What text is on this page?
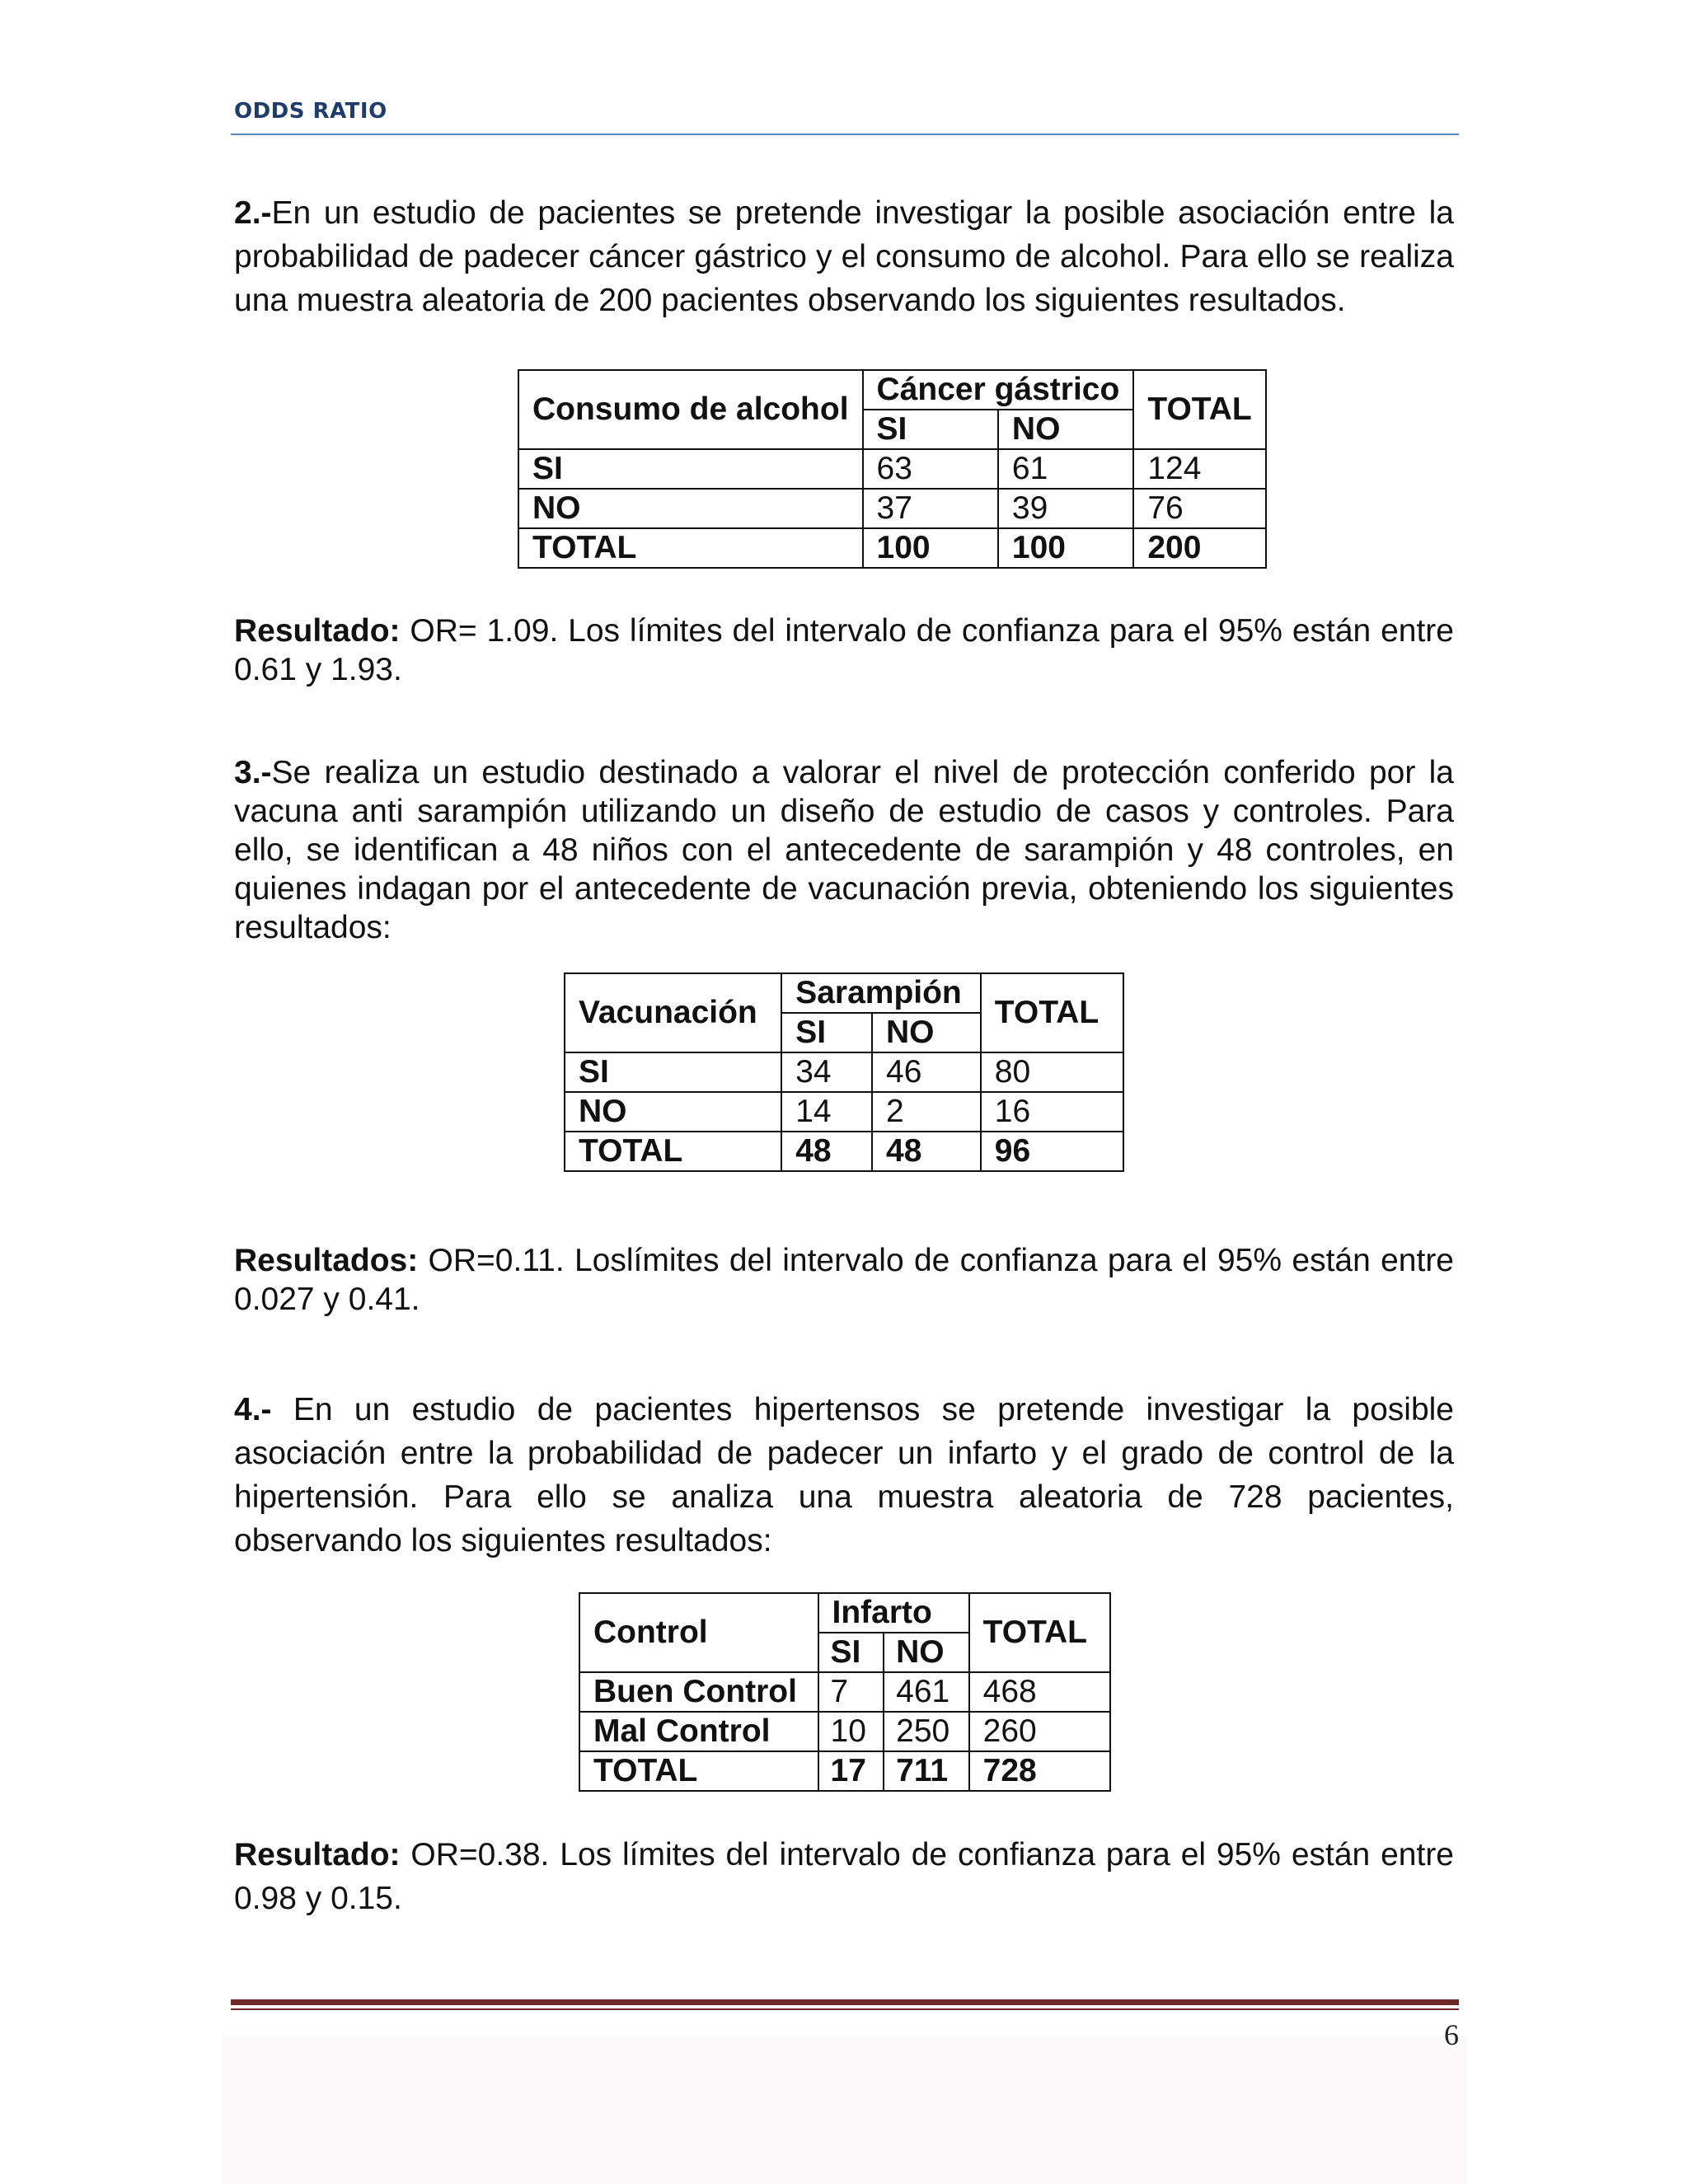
ODDS RATIO

2.-En un estudio de pacientes se pretende investigar la posible asociación entre la probabilidad de padecer cáncer gástrico y el consumo de alcohol. Para ello se realiza una muestra aleatoria de 200 pacientes observando los siguientes resultados.

Consumo de alcohol	Cáncer gástrico		TOTAL
	SI	NO	
SI	63	61	124
NO	37	39	76
TOTAL	100	100	200

Resultado: OR= 1.09. Los límites del intervalo de confianza para el 95% están entre 0.61 y 1.93.

3.-Se realiza un estudio destinado a valorar el nivel de protección conferido por la vacuna anti sarampión utilizando un diseño de estudio de casos y controles. Para ello, se identifican a 48 niños con el antecedente de sarampión y 48 controles, en quienes indagan por el antecedente de vacunación previa, obteniendo los siguientes resultados:

Vacunación	Sarampión		TOTAL
	SI	NO	
SI	34	46	80
NO	14	2	16
TOTAL	48	48	96

Resultados: OR=0.11. Loslímites del intervalo de confianza para el 95% están entre 0.027 y 0.41.

4.- En un estudio de pacientes hipertensos se pretende investigar la posible asociación entre la probabilidad de padecer un infarto y el grado de control de la hipertensión. Para ello se analiza una muestra aleatoria de 728 pacientes, observando los siguientes resultados:

Control	Infarto		TOTAL
	SI	NO	
Buen Control	7	461	468
Mal Control	10	250	260
TOTAL	17	711	728

Resultado: OR=0.38. Los límites del intervalo de confianza para el 95% están entre 0.98 y 0.15.

6
